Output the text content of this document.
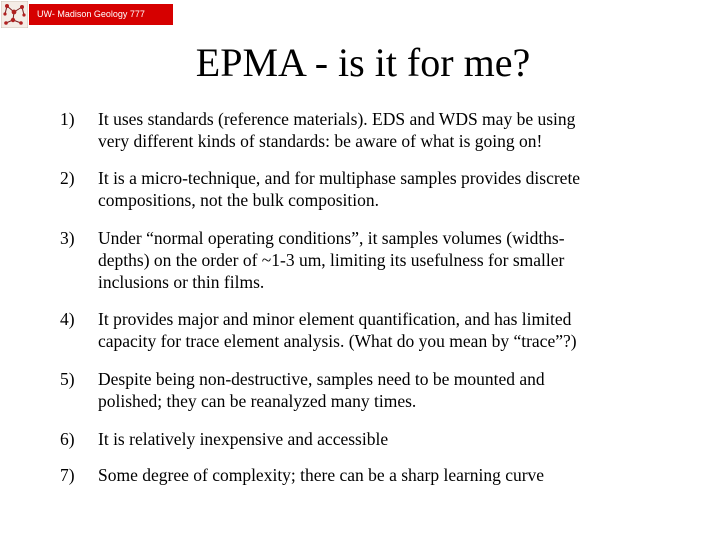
UW- Madison Geology 777
EPMA - is it for me?
1)	It uses standards (reference materials). EDS and WDS may be using
very different kinds of standards: be aware of what is going on!
2)	It is a micro-technique, and for multiphase samples provides discrete
compositions, not the bulk composition.
3)	Under “normal operating conditions”, it samples volumes (widths-
depths) on the order of ~1-3 um, limiting its usefulness for smaller
inclusions or thin films.
4)	It provides major and minor element quantification, and has limited
capacity for trace element analysis. (What do you mean by “trace”?)
5)	Despite being non-destructive, samples need to be mounted and
polished; they can be reanalyzed many times.
6)	It is relatively inexpensive and accessible
7)	Some degree of complexity; there can be a sharp learning curve
